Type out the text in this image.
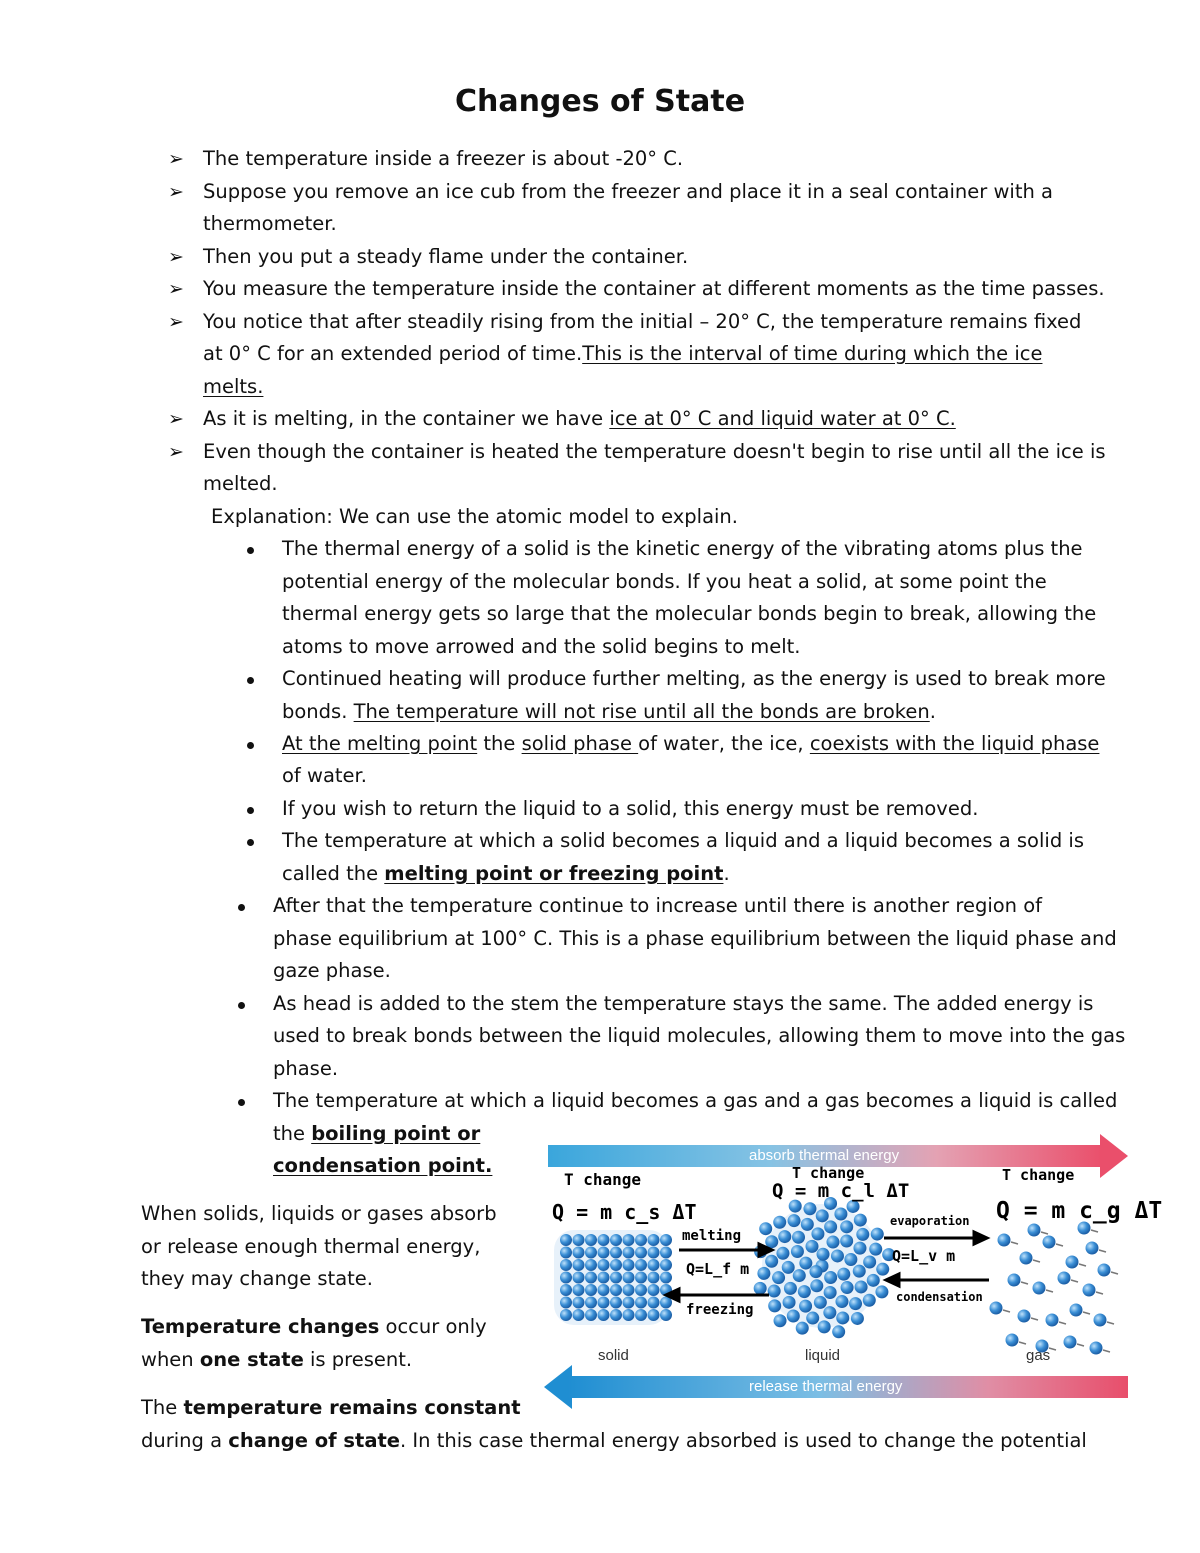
Changes of State
➢ The temperature inside a freezer is about -20° C.
➢ Suppose you remove an ice cub from the freezer and place it in a seal container with a
thermometer.
➢ Then you put a steady flame under the container.
➢ You measure the temperature inside the container at different moments as the time passes.
➢ You notice that after steadily rising from the initial – 20° C, the temperature remains fixed
at 0° C for an extended period of time.This is the interval of time during which the ice
melts.
➢ As it is melting, in the container we have ice at 0° C and liquid water at 0° C.
➢ Even though the container is heated the temperature doesn't begin to rise until all the ice is
melted.
Explanation: We can use the atomic model to explain.
The thermal energy of a solid is the kinetic energy of the vibrating atoms plus the
potential energy of the molecular bonds. If you heat a solid, at some point the
thermal energy gets so large that the molecular bonds begin to break, allowing the
atoms to move arrowed and the solid begins to melt.
Continued heating will produce further melting, as the energy is used to break more
bonds. The temperature will not rise until all the bonds are broken.
At the melting point the solid phase of water, the ice, coexists with the liquid phase
of water.
If you wish to return the liquid to a solid, this energy must be removed.
The temperature at which a solid becomes a liquid and a liquid becomes a solid is
called the melting point or freezing point.
After that the temperature continue to increase until there is another region of
phase equilibrium at 100° C. This is a phase equilibrium between the liquid phase and
gaze phase.
As head is added to the stem the temperature stays the same. The added energy is
used to break bonds between the liquid molecules, allowing them to move into the gas
phase.
The temperature at which a liquid becomes a gas and a gas becomes a liquid is called
the boiling point or
condensation point.
When solids, liquids or gases absorb
or release enough thermal energy,
they may change state.
Temperature changes occur only
when one state is present.
The temperature remains constant
during a change of state. In this case thermal energy absorbed is used to change the potential
absorb thermal energy
T change
Q = m c_s ΔT
T change
Q = m c_l ΔT
T change
Q = m c_g ΔT
melting
Q=L_f m
freezing
evaporation
Q=L_v m
condensation
solid	liquid	gas
release thermal energy
